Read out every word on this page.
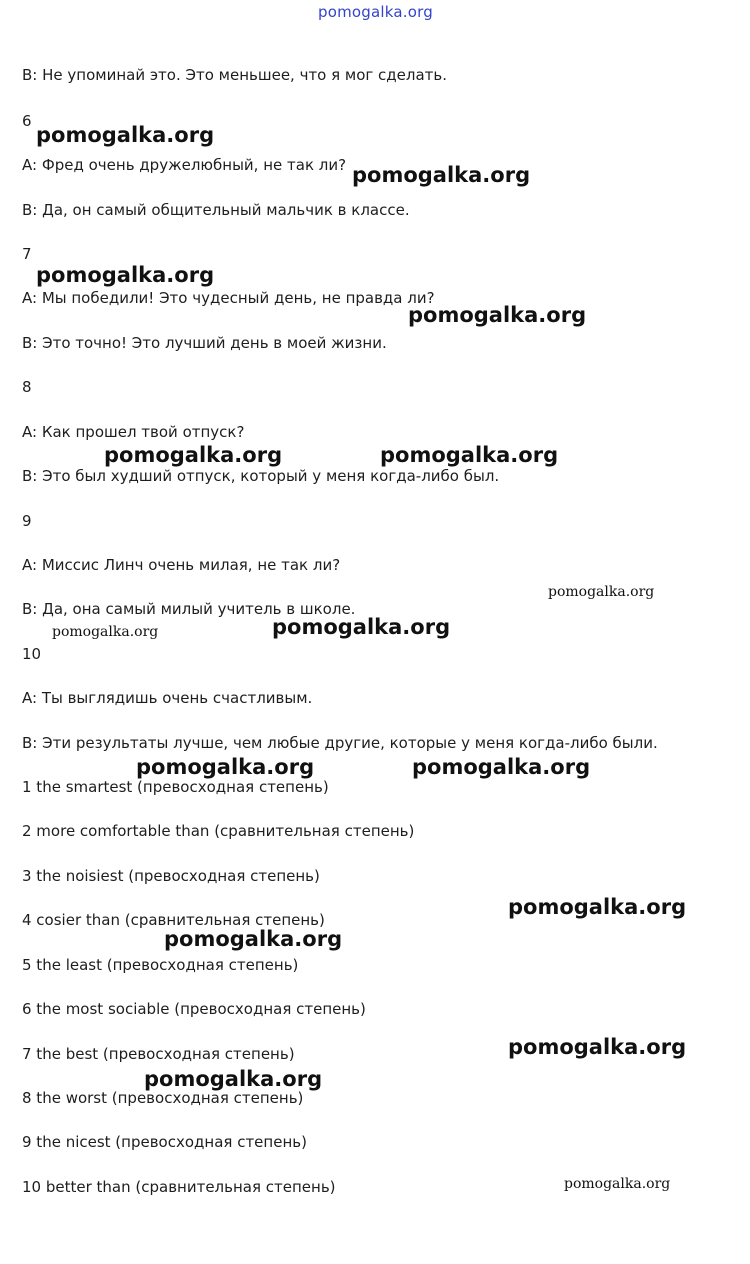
pomogalka.org
B: Не упоминай это. Это меньшее, что я мог сделать.
6
A: Фред очень дружелюбный, не так ли?
B: Да, он самый общительный мальчик в классе.
7
A: Мы победили! Это чудесный день, не правда ли?
B: Это точно! Это лучший день в моей жизни.
8
A: Как прошел твой отпуск?
B: Это был худший отпуск, который у меня когда-либо был.
9
A: Миссис Линч очень милая, не так ли?
B: Да, она самый милый учитель в школе.
10
A: Ты выглядишь очень счастливым.
B: Эти результаты лучше, чем любые другие, которые у меня когда-либо были.
1 the smartest (превосходная степень)
2 more comfortable than (сравнительная степень)
3 the noisiest (превосходная степень)
4 cosier than (сравнительная степень)
5 the least (превосходная степень)
6 the most sociable (превосходная степень)
7 the best (превосходная степень)
8 the worst (превосходная степень)
9 the nicest (превосходная степень)
10 better than (сравнительная степень)
pomogalka.org
pomogalka.org
pomogalka.org
pomogalka.org
pomogalka.org	pomogalka.org
pomogalka.org
pomogalka.org	pomogalka.org
pomogalka.org	pomogalka.org
pomogalka.org
pomogalka.org
pomogalka.org
pomogalka.org
pomogalka.org
